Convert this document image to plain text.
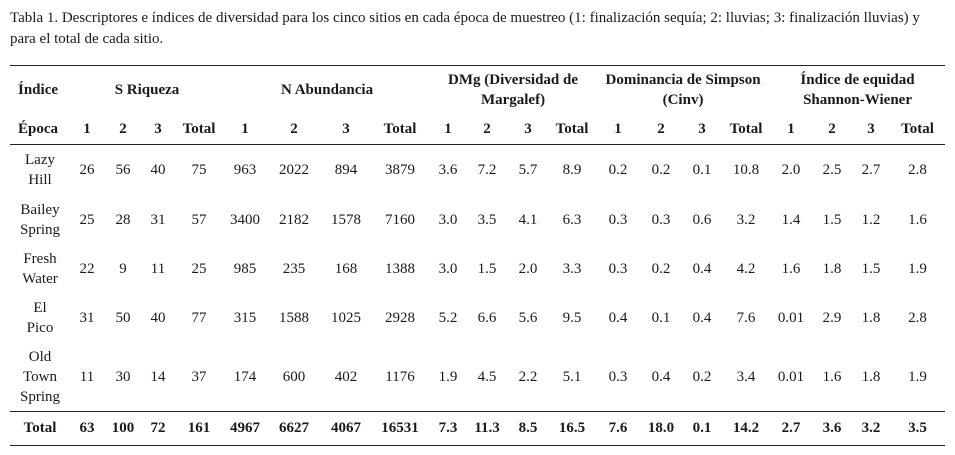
Tabla 1. Descriptores e índices de diversidad para los cinco sitios en cada época de muestreo (1: finalización sequía; 2: lluvias; 3: finalización lluvias) y para el total de cada sitio.

Índice	S Riqueza				N Abundancia				DMg (Diversidad de Margalef)				Dominancia de Simpson (Cinv)				Índice de equidad Shannon-Wiener			
Época	1	2	3	Total	1	2	3	Total	1	2	3	Total	1	2	3	Total	1	2	3	Total
Lazy
Hill	26	56	40	75	963	2022	894	3879	3.6	7.2	5.7	8.9	0.2	0.2	0.1	10.8	2.0	2.5	2.7	2.8
Bailey
Spring	25	28	31	57	3400	2182	1578	7160	3.0	3.5	4.1	6.3	0.3	0.3	0.6	3.2	1.4	1.5	1.2	1.6
Fresh
Water	22	9	11	25	985	235	168	1388	3.0	1.5	2.0	3.3	0.3	0.2	0.4	4.2	1.6	1.8	1.5	1.9
El
Pico	31	50	40	77	315	1588	1025	2928	5.2	6.6	5.6	9.5	0.4	0.1	0.4	7.6	0.01	2.9	1.8	2.8
Old
Town
Spring	11	30	14	37	174	600	402	1176	1.9	4.5	2.2	5.1	0.3	0.4	0.2	3.4	0.01	1.6	1.8	1.9
Total	63	100	72	161	4967	6627	4067	16531	7.3	11.3	8.5	16.5	7.6	18.0	0.1	14.2	2.7	3.6	3.2	3.5
